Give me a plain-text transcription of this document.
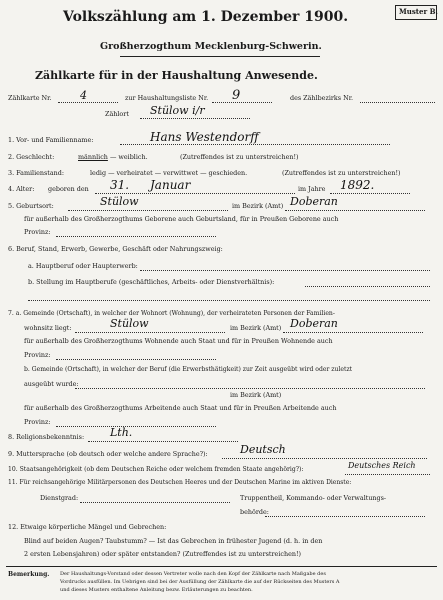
Volkszählung am 1. Dezember 1900.	Muster B.
Großherzogthum Mecklenburg-Schwerin.
Zählkarte für in der Haushaltung Anwesende.
Zählkarte Nr.	4	zur Haushaltungsliste Nr. 9	des Zählbezirks Nr.
Zählort Stülow i/r
1. Vor- und Familienname:	Hans Westendorff
2. Geschlecht:	männlich — weiblich.	(Zutreffendes ist zu unterstreichen!)
3. Familienstand:	ledig — verheiratet — verwittwet — geschieden.	(Zutreffendes ist zu unterstreichen!)
4. Alter: geboren den 31. Januar	im Jahre 1892.
5. Geburtsort:	Stülow	im Bezirk (Amt) Doberan
für außerhalb des Großherzogthums Geborene auch Geburtsland, für in Preußen Geborene auch
Provinz:
6. Beruf, Stand, Erwerb, Gewerbe, Geschäft oder Nahrungszweig:
a. Hauptberuf oder Haupterwerb:
b. Stellung im Hauptberufe (geschäftliches, Arbeits- oder Dienstverhältnis):
7. a. Gemeinde (Ortschaft), in welcher der Wohnort (Wohnung), der verheirateten Personen der Familien-
wohnsitz liegt:	Stülow	im Bezirk (Amt) Doberan
für außerhalb des Großherzogthums Wohnende auch Staat und für in Preußen Wohnende auch
Provinz:
b. Gemeinde (Ortschaft), in welcher der Beruf (die Erwerbsthätigkeit) zur Zeit ausgeübt wird oder zuletzt
ausgeübt wurde:
im Bezirk (Amt)
für außerhalb des Großherzogthums Arbeitende auch Staat und für in Preußen Arbeitende auch
Provinz:
8. Religionsbekenntnis: Lth.
9. Muttersprache (ob deutsch oder welche andere Sprache?):	Deutsch
10. Staatsangehörigkeit (ob dem Deutschen Reiche oder welchem fremden Staate angehörig?):	Deutsches Reich
11. Für reichsangehörige Militärpersonen des Deutschen Heeres und der Deutschen Marine im aktiven Dienste:
Dienstgrad:	Truppentheil, Kommando- oder Verwaltungs-
behörde:
12. Etwaige körperliche Mängel und Gebrechen:
Blind auf beiden Augen? Taubstumm? — Ist das Gebrechen in frühester Jugend (d. h. in den
2 ersten Lebensjahren) oder später entstanden? (Zutreffendes ist zu unterstreichen!)
Bemerkung. Der Haushaltungs-Vorstand oder dessen Vertreter wolle nach den Kopf der Zählkarte nach Maßgabe des
Vordrucks ausfüllen. Im Uebrigen sind bei der Ausfüllung der Zählkarte die auf der Rückseiten des Musters A
und dieses Musters enthaltene Anleitung bezw. Erläuterungen zu beachten.
